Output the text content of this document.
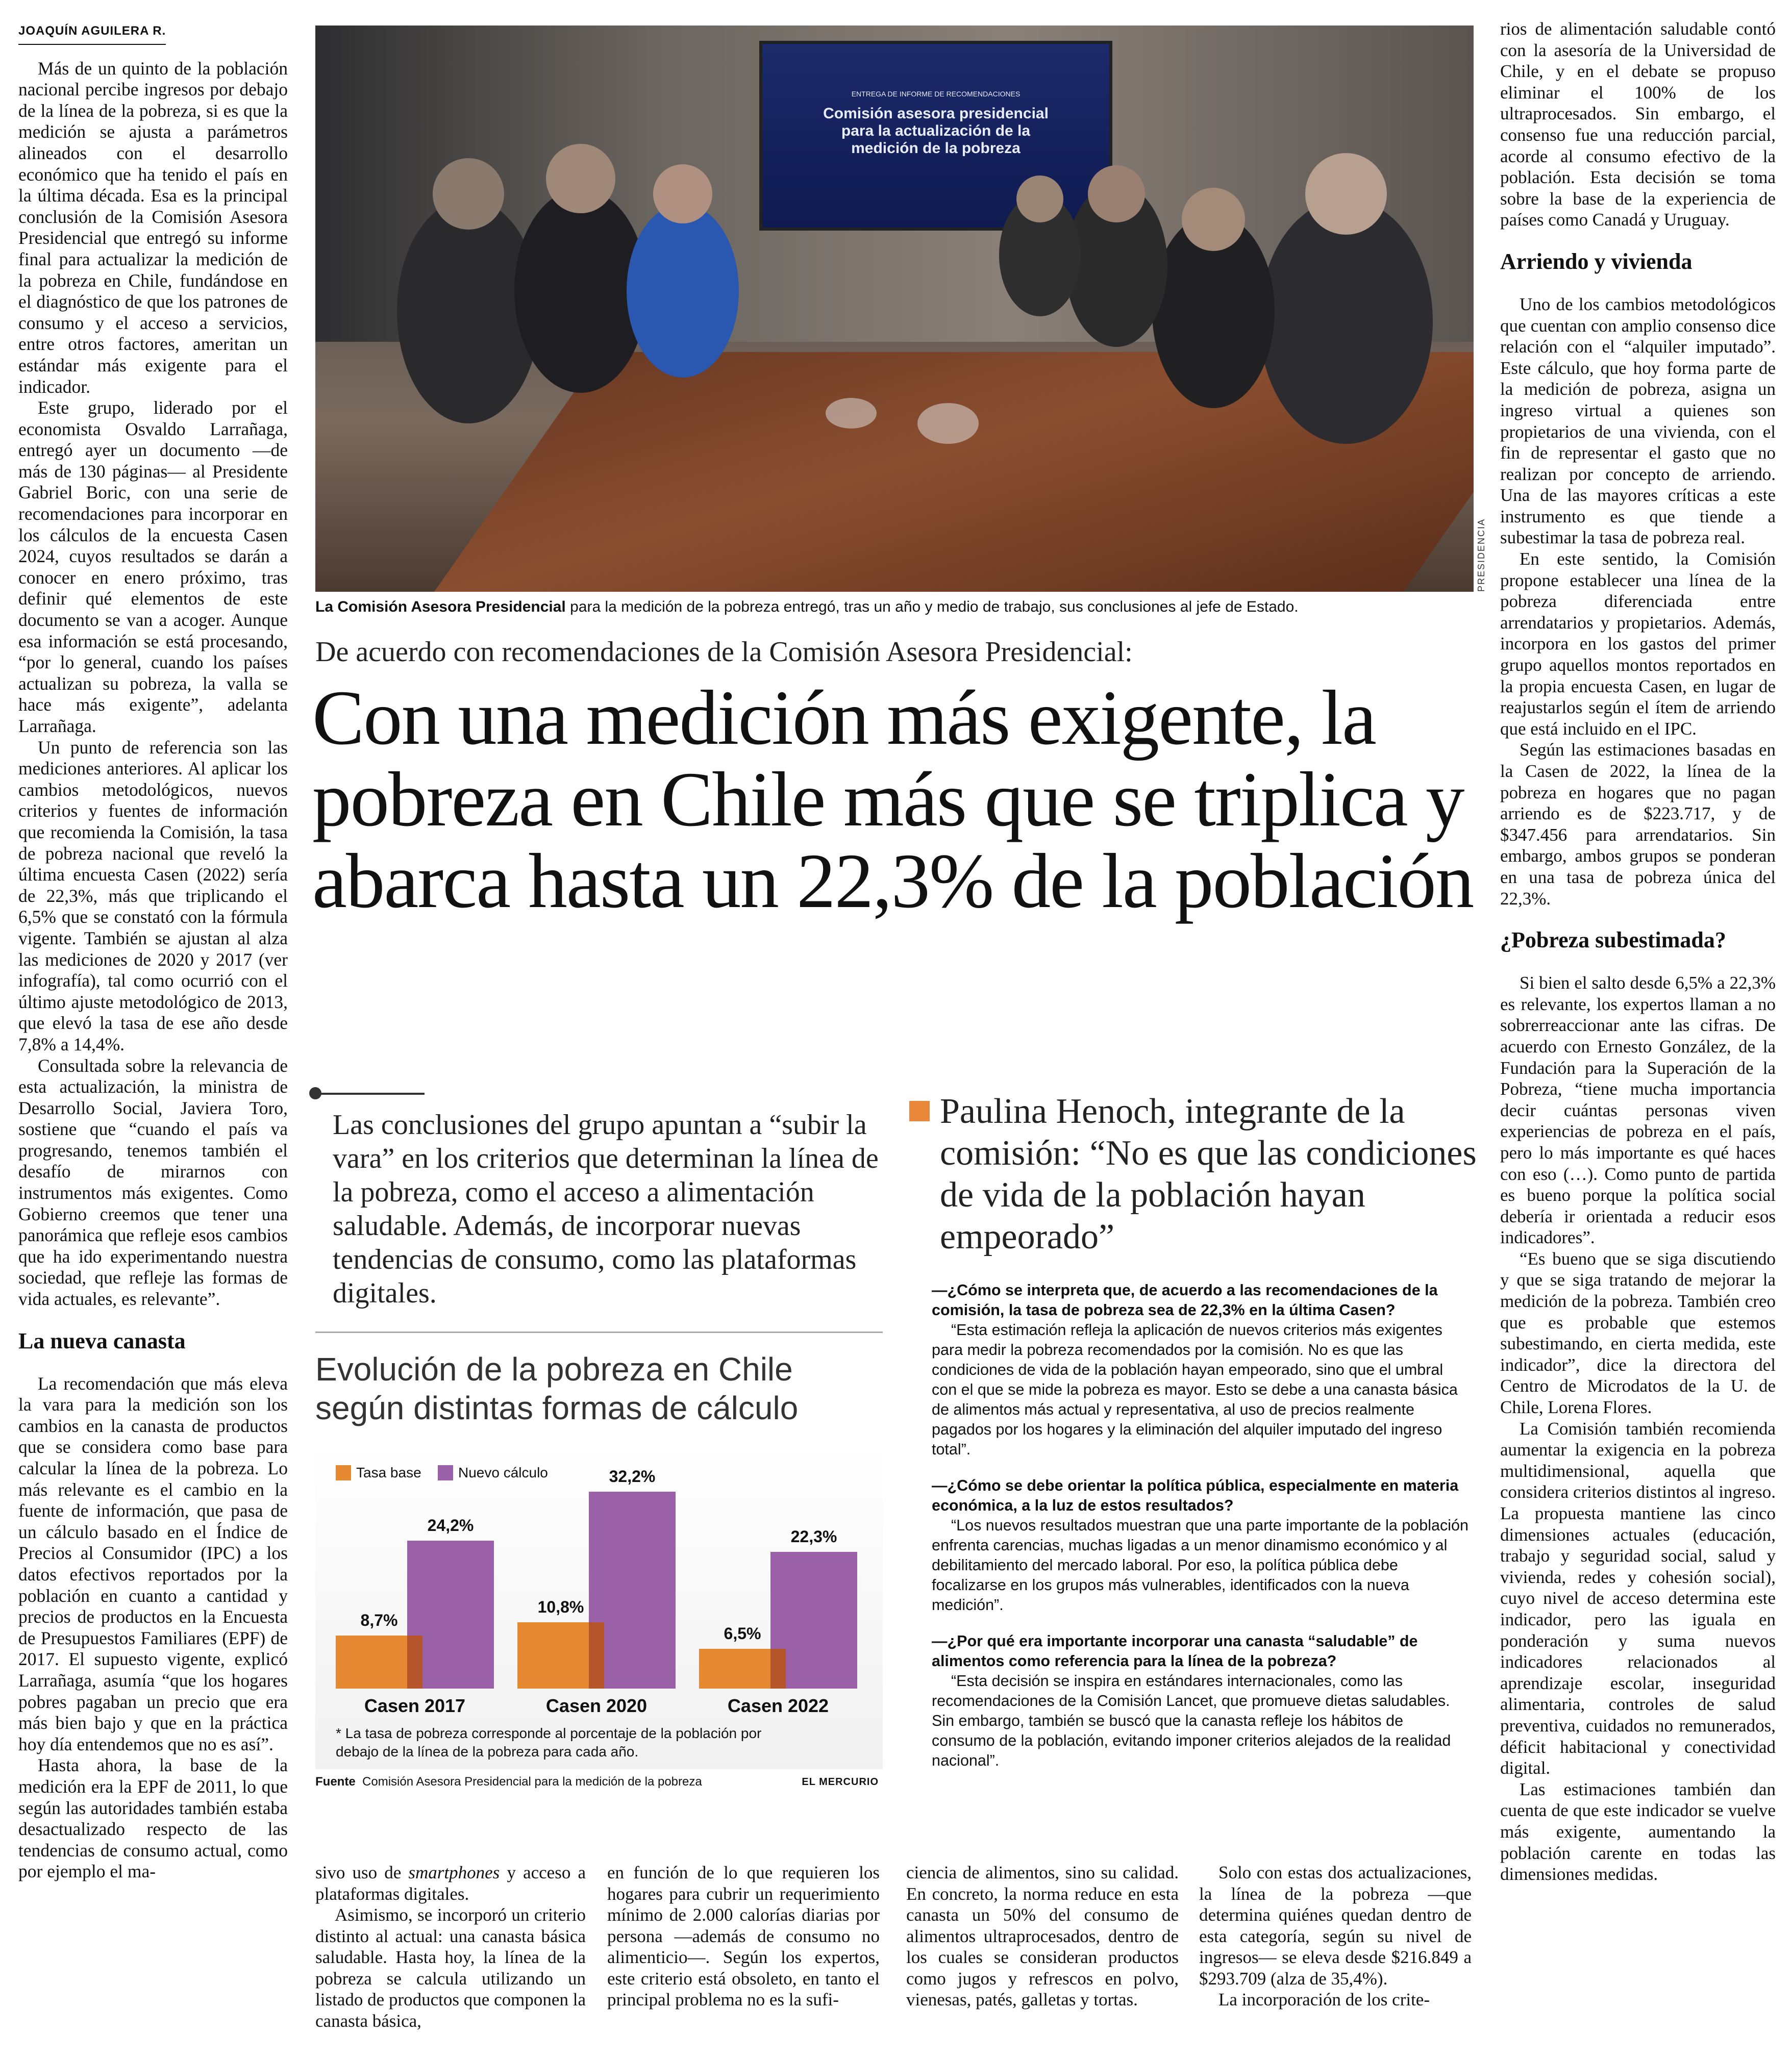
JOAQUÍN AGUILERA R.

Más de un quinto de la población nacional percibe ingresos por debajo de la línea de la pobreza, si es que la medición se ajusta a parámetros alineados con el desarrollo económico que ha tenido el país en la última década. Esa es la principal conclusión de la Comisión Asesora Presidencial que entregó su informe final para actualizar la medición de la pobreza en Chile, fundándose en el diagnóstico de que los patrones de consumo y el acceso a servicios, entre otros factores, ameritan un estándar más exigente para el indicador.

Este grupo, liderado por el economista Osvaldo Larrañaga, entregó ayer un documento —de más de 130 páginas— al Presidente Gabriel Boric, con una serie de recomendaciones para incorporar en los cálculos de la encuesta Casen 2024, cuyos resultados se darán a conocer en enero próximo, tras definir qué elementos de este documento se van a acoger. Aunque esa información se está procesando, “por lo general, cuando los países actualizan su pobreza, la valla se hace más exigente”, adelanta Larrañaga.

Un punto de referencia son las mediciones anteriores. Al aplicar los cambios metodológicos, nuevos criterios y fuentes de información que recomienda la Comisión, la tasa de pobreza nacional que reveló la última encuesta Casen (2022) sería de 22,3%, más que triplicando el 6,5% que se constató con la fórmula vigente. También se ajustan al alza las mediciones de 2020 y 2017 (ver infografía), tal como ocurrió con el último ajuste metodológico de 2013, que elevó la tasa de ese año desde 7,8% a 14,4%.

Consultada sobre la relevancia de esta actualización, la ministra de Desarrollo Social, Javiera Toro, sostiene que “cuando el país va progresando, tenemos también el desafío de mirarnos con instrumentos más exigentes. Como Gobierno creemos que tener una panorámica que refleje esos cambios que ha ido experimentando nuestra sociedad, que refleje las formas de vida actuales, es relevante”.

La nueva canasta

La recomendación que más eleva la vara para la medición son los cambios en la canasta de productos que se considera como base para calcular la línea de la pobreza. Lo más relevante es el cambio en la fuente de información, que pasa de un cálculo basado en el Índice de Precios al Consumidor (IPC) a los datos efectivos reportados por la población en cuanto a cantidad y precios de productos en la Encuesta de Presupuestos Familiares (EPF) de 2017. El supuesto vigente, explicó Larrañaga, asumía “que los hogares pobres pagaban un precio que era más bien bajo y que en la práctica hoy día entendemos que no es así”.

Hasta ahora, la base de la medición era la EPF de 2011, lo que según las autoridades también estaba desactualizado respecto de las tendencias de consumo actual, como por ejemplo el ma-

ENTREGA DE INFORME DE RECOMENDACIONES
Comisión asesora presidencial
para la actualización de la
medición de la pobreza
PRESIDENCIA
La Comisión Asesora Presidencial para la medición de la pobreza entregó, tras un año y medio de trabajo, sus conclusiones al jefe de Estado.
De acuerdo con recomendaciones de la Comisión Asesora Presidencial:
Con una medición más exigente, la pobreza en Chile más que se triplica y abarca hasta un 22,3% de la población
Las conclusiones del grupo apuntan a “subir la vara” en los criterios que determinan la línea de la pobreza, como el acceso a alimentación saludable. Además, de incorporar nuevas tendencias de consumo, como las plataformas digitales.
Evolución de la pobreza en Chile según distintas formas de cálculo
Tasa base	Nuevo cálculo
8,7%
24,2%
Casen 2017
10,8%
32,2%
Casen 2020
6,5%
22,3%
Casen 2022
* La tasa de pobreza corresponde al porcentaje de la población por debajo de la línea de la pobreza para cada año.
Fuente Comisión Asesora Presidencial para la medición de la pobreza	EL MERCURIO
Paulina Henoch, integrante de la comisión: “No es que las condiciones de vida de la población hayan empeorado”

—¿Cómo se interpreta que, de acuerdo a las recomendaciones de la comisión, la tasa de pobreza sea de 22,3% en la última Casen?

“Esta estimación refleja la aplicación de nuevos criterios más exigentes para medir la pobreza recomendados por la comisión. No es que las condiciones de vida de la población hayan empeorado, sino que el umbral con el que se mide la pobreza es mayor. Esto se debe a una canasta básica de alimentos más actual y representativa, al uso de precios realmente pagados por los hogares y la eliminación del alquiler imputado del ingreso total”.

—¿Cómo se debe orientar la política pública, especialmente en materia económica, a la luz de estos resultados?

“Los nuevos resultados muestran que una parte importante de la población enfrenta carencias, muchas ligadas a un menor dinamismo económico y al debilitamiento del mercado laboral. Por eso, la política pública debe focalizarse en los grupos más vulnerables, identificados con la nueva medición”.

—¿Por qué era importante incorporar una canasta “saludable” de alimentos como referencia para la línea de la pobreza?

“Esta decisión se inspira en estándares internacionales, como las recomendaciones de la Comisión Lancet, que promueve dietas saludables. Sin embargo, también se buscó que la canasta refleje los hábitos de consumo de la población, evitando imponer criterios alejados de la realidad nacional”.

sivo uso de smartphones y acceso a plataformas digitales.

Asimismo, se incorporó un criterio distinto al actual: una canasta básica saludable. Hasta hoy, la línea de la pobreza se calcula utilizando un listado de productos que componen la canasta básica,

en función de lo que requieren los hogares para cubrir un requerimiento mínimo de 2.000 calorías diarias por persona —además de consumo no alimenticio—. Según los expertos, este criterio está obsoleto, en tanto el principal problema no es la sufi-

ciencia de alimentos, sino su calidad. En concreto, la norma reduce en esta canasta un 50% del consumo de alimentos ultraprocesados, dentro de los cuales se consideran productos como jugos y refrescos en polvo, vienesas, patés, galletas y tortas.

Solo con estas dos actualizaciones, la línea de la pobreza —que determina quiénes quedan dentro de esta categoría, según su nivel de ingresos— se eleva desde $216.849 a $293.709 (alza de 35,4%).

La incorporación de los crite-

rios de alimentación saludable contó con la asesoría de la Universidad de Chile, y en el debate se propuso eliminar el 100% de los ultraprocesados. Sin embargo, el consenso fue una reducción parcial, acorde al consumo efectivo de la población. Esta decisión se toma sobre la base de la experiencia de países como Canadá y Uruguay.

Arriendo y vivienda

Uno de los cambios metodológicos que cuentan con amplio consenso dice relación con el “alquiler imputado”. Este cálculo, que hoy forma parte de la medición de pobreza, asigna un ingreso virtual a quienes son propietarios de una vivienda, con el fin de representar el gasto que no realizan por concepto de arriendo. Una de las mayores críticas a este instrumento es que tiende a subestimar la tasa de pobreza real.

En este sentido, la Comisión propone establecer una línea de la pobreza diferenciada entre arrendatarios y propietarios. Además, incorpora en los gastos del primer grupo aquellos montos reportados en la propia encuesta Casen, en lugar de reajustarlos según el ítem de arriendo que está incluido en el IPC.

Según las estimaciones basadas en la Casen de 2022, la línea de la pobreza en hogares que no pagan arriendo es de $223.717, y de $347.456 para arrendatarios. Sin embargo, ambos grupos se ponderan en una tasa de pobreza única del 22,3%.

¿Pobreza subestimada?

Si bien el salto desde 6,5% a 22,3% es relevante, los expertos llaman a no sobrerreaccionar ante las cifras. De acuerdo con Ernesto González, de la Fundación para la Superación de la Pobreza, “tiene mucha importancia decir cuántas personas viven experiencias de pobreza en el país, pero lo más importante es qué haces con eso (…). Como punto de partida es bueno porque la política social debería ir orientada a reducir esos indicadores”.

“Es bueno que se siga discutiendo y que se siga tratando de mejorar la medición de la pobreza. También creo que es probable que estemos subestimando, en cierta medida, este indicador”, dice la directora del Centro de Microdatos de la U. de Chile, Lorena Flores.

La Comisión también recomienda aumentar la exigencia en la pobreza multidimensional, aquella que considera criterios distintos al ingreso. La propuesta mantiene las cinco dimensiones actuales (educación, trabajo y seguridad social, salud y vivienda, redes y cohesión social), cuyo nivel de acceso determina este indicador, pero las iguala en ponderación y suma nuevos indicadores relacionados al aprendizaje escolar, inseguridad alimentaria, controles de salud preventiva, cuidados no remunerados, déficit habitacional y conectividad digital.

Las estimaciones también dan cuenta de que este indicador se vuelve más exigente, aumentando la población carente en todas las dimensiones medidas.
